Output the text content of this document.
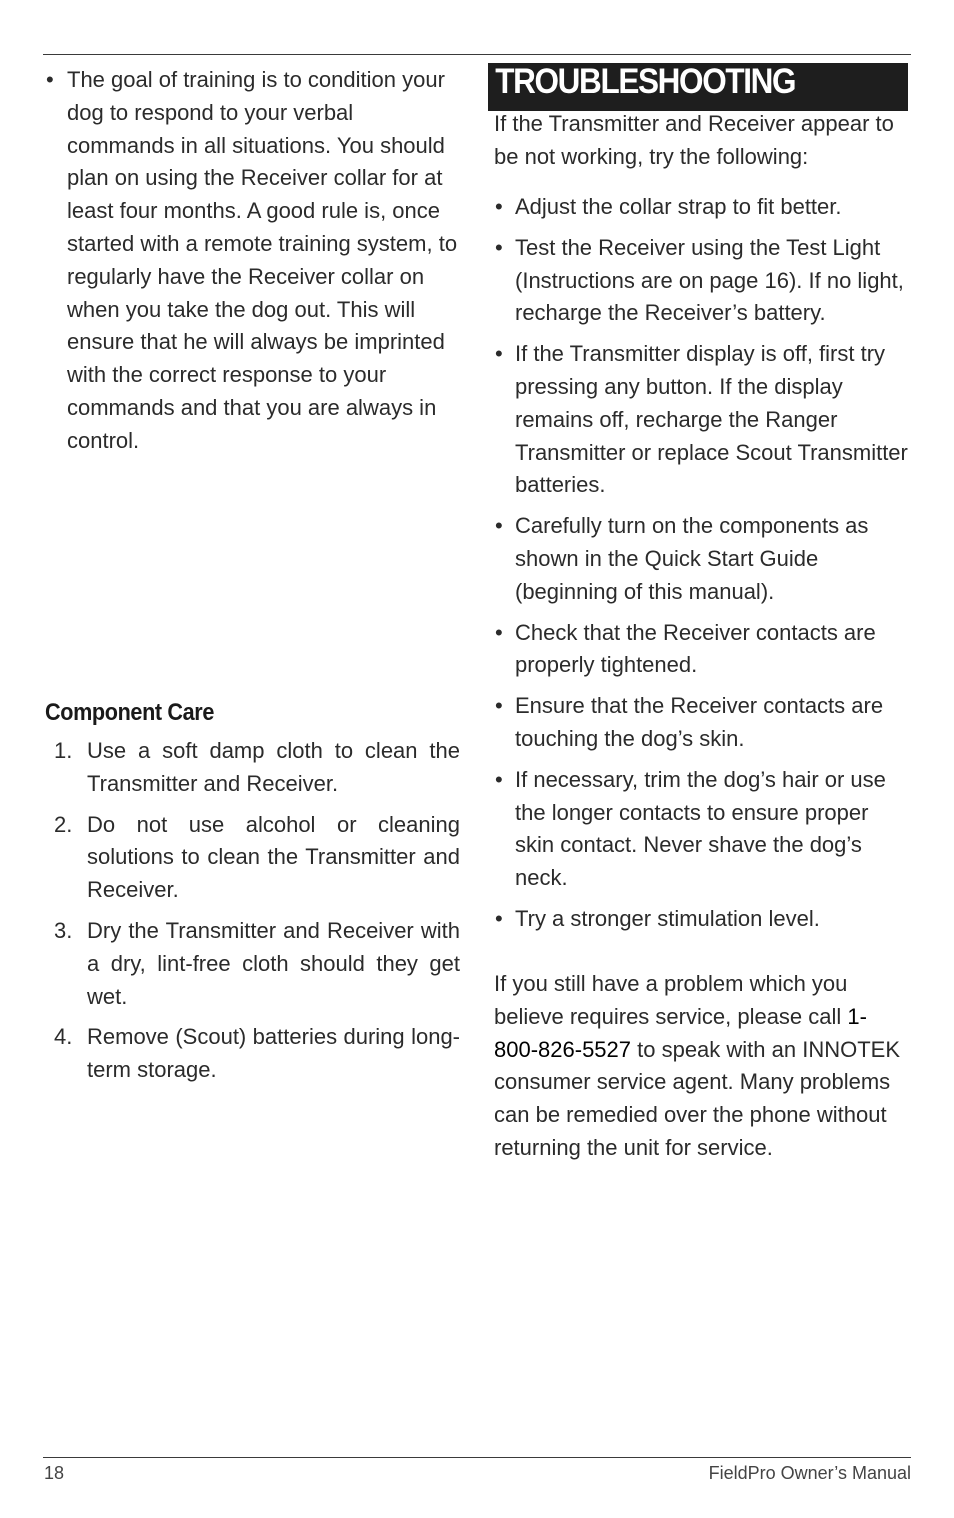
• The goal of training is to condition your dog to respond to your verbal commands in all situations. You should plan on using the Receiver collar for at least four months. A good rule is, once started with a remote training system, to regularly have the Receiver collar on when you take the dog out. This will ensure that he will always be imprinted with the correct response to your commands and that you are always in control.
Component Care
1. Use a soft damp cloth to clean the Transmitter and Receiver.
2. Do not use alcohol or cleaning solutions to clean the Transmitter and Receiver.
3. Dry the Transmitter and Receiver with a dry, lint-free cloth should they get wet.
4. Remove (Scout) batteries during long-term storage.
TROUBLESHOOTING

If the Transmitter and Receiver appear to be not working, try the following:

• Adjust the collar strap to fit better.
• Test the Receiver using the Test Light (Instructions are on page 16). If no light, recharge the Receiver’s battery.
• If the Transmitter display is off, first try pressing any button. If the display remains off, recharge the Ranger Transmitter or replace Scout Transmitter batteries.
• Carefully turn on the components as shown in the Quick Start Guide (beginning of this manual).
• Check that the Receiver contacts are properly tightened.
• Ensure that the Receiver contacts are touching the dog’s skin.
• If necessary, trim the dog’s hair or use the longer contacts to ensure proper skin contact. Never shave the dog’s neck.
• Try a stronger stimulation level.

If you still have a problem which you believe requires service, please call 1-800-826-5527 to speak with an INNOTEK consumer service agent. Many problems can be remedied over the phone without returning the unit for service.

18	FieldPro Owner’s Manual
